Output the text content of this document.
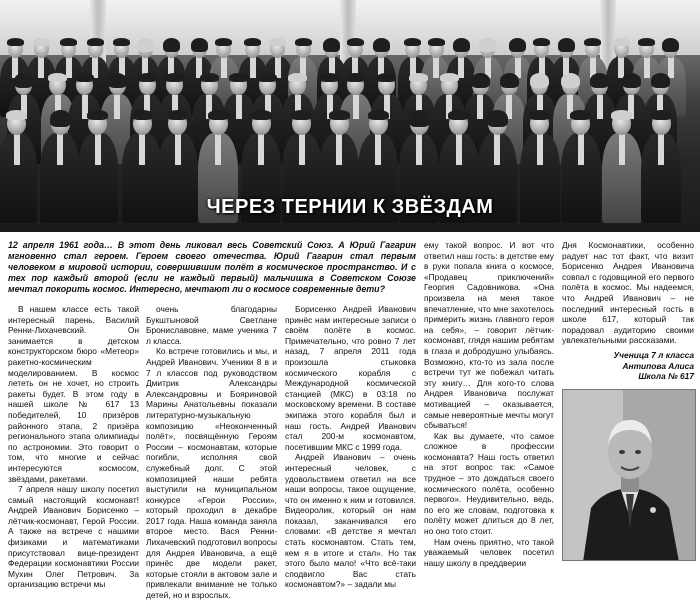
ЧЕРЕЗ ТЕРНИИ К ЗВЁЗДАМ
12 апреля 1961 года… В этот день ликовал весь Советский Союз. А Юрий Гагарин мгновенно стал героем. Героем своего отечества. Юрий Гагарин стал первым человеком в мировой истории, совершившим полёт в космическое пространство. И с тех пор каждый второй (если не каждый первый) мальчишка в Советском Союзе мечтал покорить космос. Интересно, мечтают ли о космосе современные дети?

В нашем классе есть такой интересный парень, Василий Ренни-Лихачевский. Он занимается в детском конструкторском бюро «Метеор» ракетно-космическим моделированием. В космос лететь он не хочет, но строить ракеты будет. В этом году в нашей школе № 617 13 победителей, 10 призёров районного этапа, 2 призёра регионального этапа олимпиады по астрономии. Это говорит о том, что многие и сейчас интересуются космосом, звёздами, ракетами.

7 апреля нашу школу посетил самый настоящий космонавт! Андрей Иванович Борисенко – лётчик-космонавт, Герой России. А также на встрече с нашими физиками и математиками присутствовал вице-президент Федерации космонавтики России Мухин Олег Петрович. За организацию встречи мы

очень благодарны Букштыновой Светлане Брониславовне, маме ученика 7 л класса.

Ко встрече готовились и мы, и Андрей Иванович. Ученики 8 в и 7 л классов под руководством Дмитрик Александры Александровны и Бояриновой Марины Анатольевны показали литературно-музыкальную композицию «Неоконченный полёт», посвящённую Героям России – космонавтам, которые погибли, исполняя свой служебный долг. С этой композицией наши ребята выступили на муниципальном конкурсе «Герои России», который проходил в декабре 2017 года. Наша команда заняла второе место. Вася Ренни-Лихачевский подготовил вопросы для Андрея Ивановича, а ещё принёс две модели ракет, которые стояли в актовом зале и привлекали внимание не только детей, но и взрослых.

Борисенко Андрей Иванович принёс нам интересные записи о своём полёте в космос. Примечательно, что ровно 7 лет назад, 7 апреля 2011 года произошла стыковка космического корабля с Международной космической станцией (МКС) в 03:18 по московскому времени. В составе экипажа этого корабля был и наш гость. Андрей Иванович стал 200-м космонавтом, посетившим МКС с 1999 года.

Андрей Иванович – очень интересный человек, с удовольствием ответил на все наши вопросы, такое ощущение, что он именно к ним и готовился. Видеоролик, который он нам показал, заканчивался его словами: «В детстве я мечтал стать космонавтом. Стать тем, кем я в итоге и стал». Но так этого было мало! «Что всё-таки сподвигло Вас стать космонавтом?» – задали мы

ему такой вопрос. И вот что ответил наш гость: в детстве ему в руки попала книга о космосе, «Продавец приключений» Георгия Садовникова. «Она произвела на меня такое впечатление, что мне захотелось примерить жизнь главного героя на себя», – говорит лётчик-космонавт, глядя нашим ребятам в глаза и добродушно улыбаясь. Возможно, кто-то из зала после встречи тут же побежал читать эту книгу… Для кого-то слова Андрея Ивановича послужат мотивацией – оказывается, самые невероятные мечты могут сбываться!

Как вы думаете, что самое сложное в профессии космонавта? Наш гость ответил на этот вопрос так: «Самое трудное – это дождаться своего космического полёта, особенно первого». Неудивительно, ведь, по его же словам, подготовка к полёту может длиться до 8 лет, но оно того стоит.

Нам очень приятно, что такой уважаемый человек посетил нашу школу в преддверии

Дня Космонавтики, особенно радует нас тот факт, что визит Борисенко Андрея Ивановича совпал с годовщиной его первого полёта в космос. Мы надеемся, что Андрей Иванович – не последний интересный гость в школе 617, который так порадовал аудиторию своими увлекательными рассказами.

Ученица 7 л класса
Антипова Алиса
Школа № 617
